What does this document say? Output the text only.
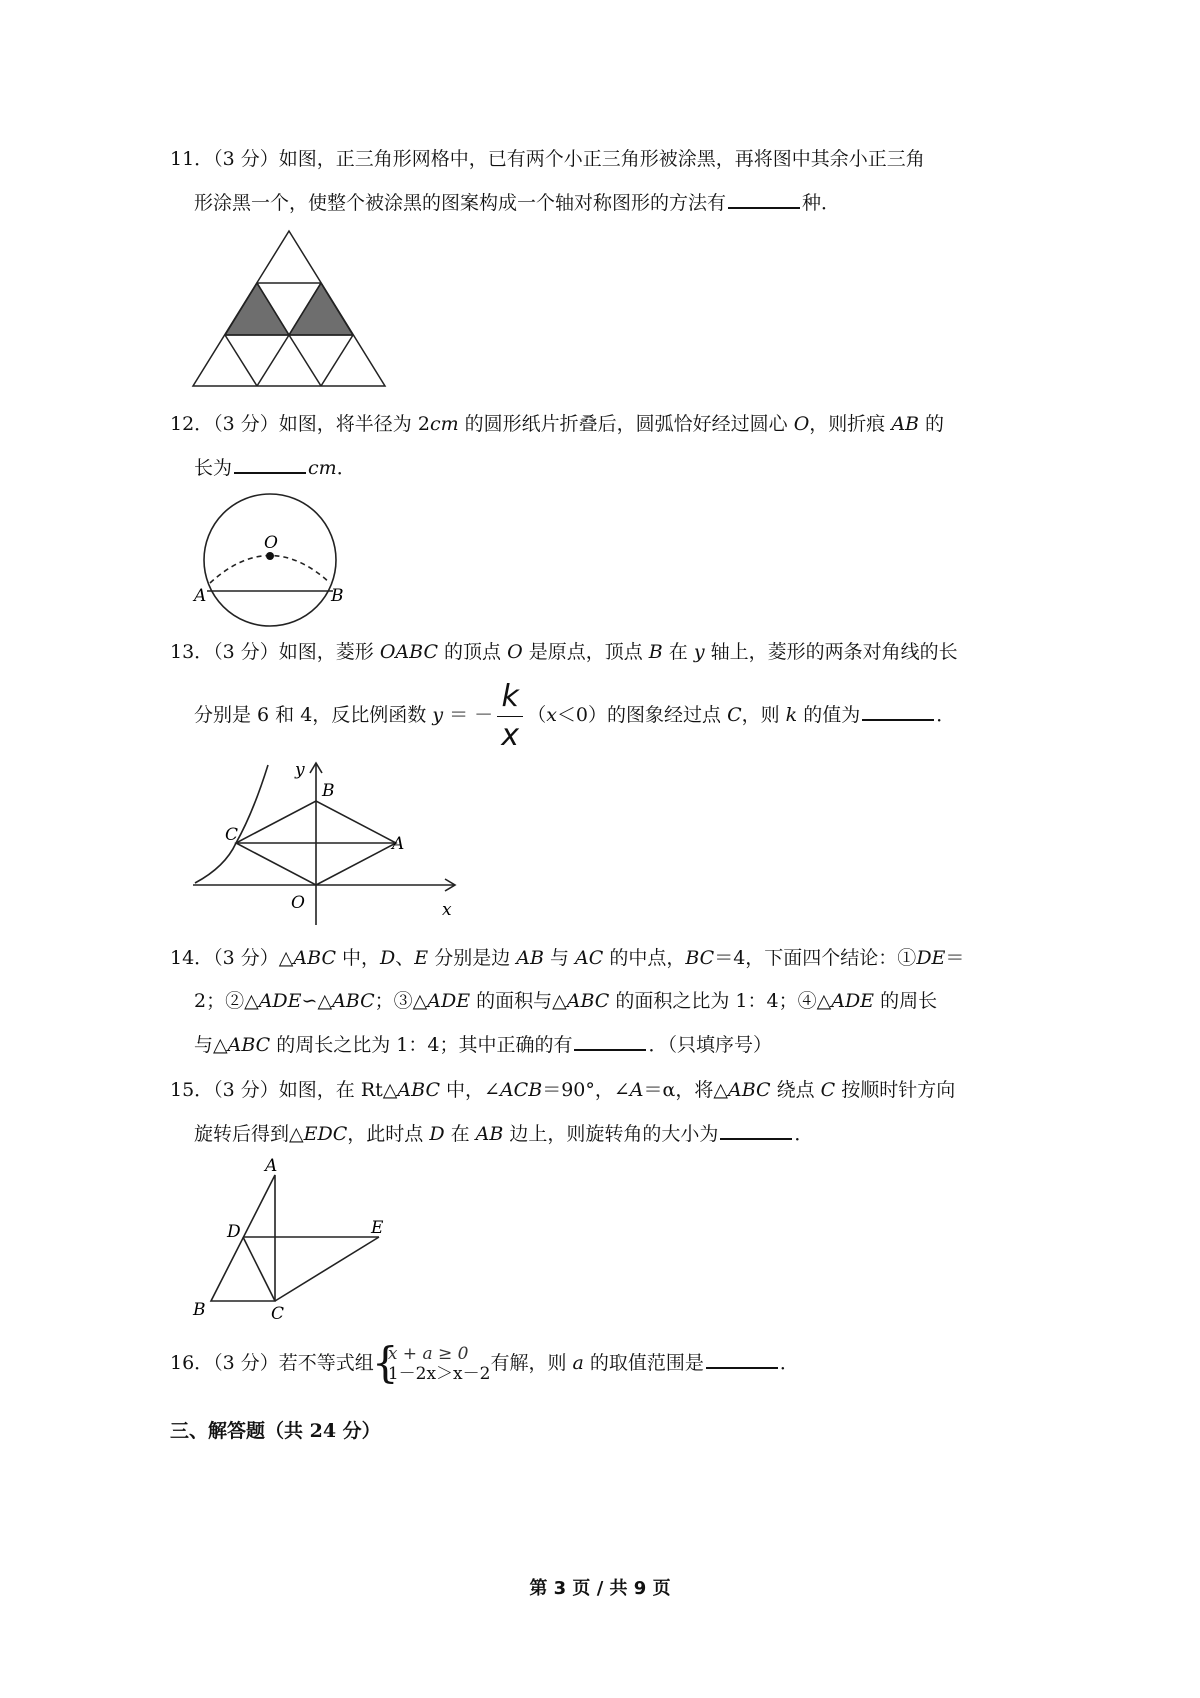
11．（3 分）如图，正三角形网格中，已有两个小正三角形被涂黑，再将图中其余小正三角
形涂黑一个，使整个被涂黑的图案构成一个轴对称图形的方法有	种．
12．（3 分）如图，将半径为 2cm 的圆形纸片折叠后，圆弧恰好经过圆心 O，则折痕 AB 的
长为	cm．
O
A	B
13．（3 分）如图，菱形 OABC 的顶点 O 是原点，顶点 B 在 y 轴上，菱形的两条对角线的长
分别是 6 和 4，反比例函数 y ＝ － $\frac{k}{x} (x<0)$的图象经过点 C，则 k 的值为	．
y
B
C	A
O	x
14．（3 分）△ABC 中，D、E 分别是边 AB 与 AC 的中点，BC＝4，下面四个结论：①DE＝
2；②△ADE∽△ABC；③△ADE 的面积与△ABC 的面积之比为 1：4；④△ADE 的周长
与△ABC 的周长之比为 1：4；其中正确的有	．（只填序号）
15．（3 分）如图，在 Rt△ABC 中，∠ACB＝90°，∠A＝α，将△ABC 绕点 C 按顺时针方向
旋转后得到△EDC，此时点 D 在 AB 边上，则旋转角的大小为	．
A
D	E
B	C
16．（3 分）若不等式组
{
x + a ≥ 0
1－2x＞x－2 有解，则 a 的取值范围是	．
三、解答题（共 24 分）
第 3 页 / 共 9 页
